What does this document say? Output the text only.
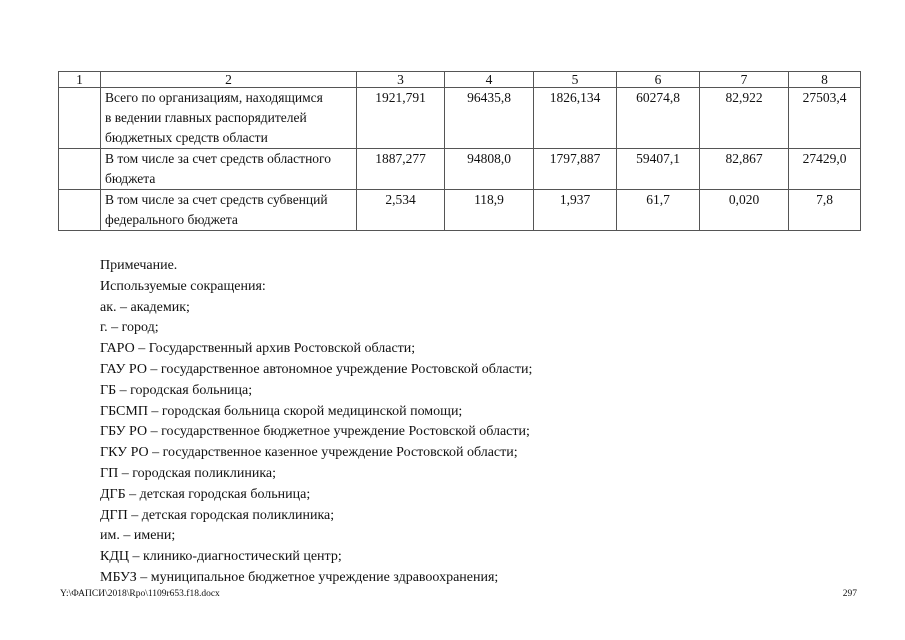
1	2	3	4	5	6	7	8

	Всего по организациям, находящимся
в ведении главных распорядителей
бюджетных средств области	1921,791	96435,8	1826,134	60274,8	82,922	27503,4

	В том числе за счет средств областного
бюджета	1887,277	94808,0	1797,887	59407,1	82,867	27429,0

	В том числе за счет средств субвенций
федерального бюджета	2,534	118,9	1,937	61,7	0,020	7,8
Примечание.
Используемые сокращения:
ак. – академик;
г. – город;
ГАРО – Государственный архив Ростовской области;
ГАУ РО – государственное автономное учреждение Ростовской области;
ГБ – городская больница;
ГБСМП – городская больница скорой медицинской помощи;
ГБУ РО – государственное бюджетное учреждение Ростовской области;
ГКУ РО – государственное казенное учреждение Ростовской области;
ГП – городская поликлиника;
ДГБ – детская городская больница;
ДГП – детская городская поликлиника;
им. – имени;
КДЦ – клинико-диагностический центр;
МБУЗ – муниципальное бюджетное учреждение здравоохранения;
Y:\ФАПСИ\2018\Rpo\1109r653.f18.docx	297
